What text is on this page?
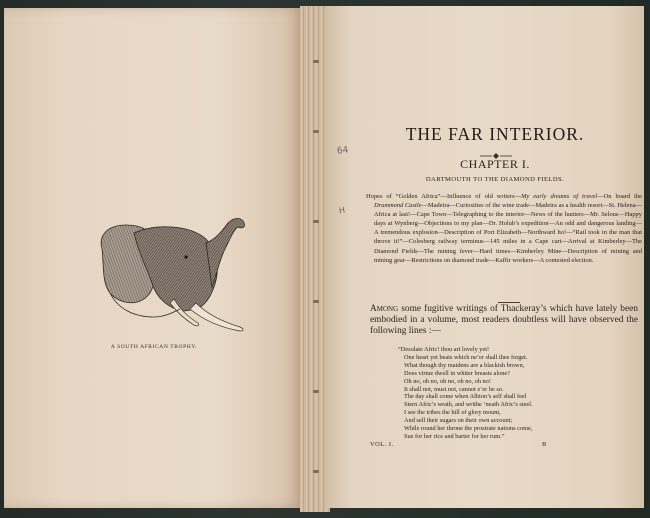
A SOUTH AFRICAN TROPHY.
THE FAR INTERIOR.
CHAPTER I.
DARTMOUTH TO THE DIAMOND FIELDS.
Hopes of “Golden Africa”—Influence of old writers—My early dreams of travel—On board the Drummond Castle—Madeira—Curiosities of the wine trade—Madeira as a health resort—St. Helena—Africa at last!—Cape Town—Telegraphing to the interior—News of the hunters—Mr. Selous—Happy days at Wynberg—Objections to my plan—Dr. Holub’s expedition—An odd and dangerous landing—A tremendous explosion—Description of Port Elizabeth—Northward ho!—“Rail took in the man that throve it!”—Colesberg railway terminus—145 miles in a Cape cart—Arrival at Kimberley—The Diamond Fields—The mining fever—Hard times—Kimberley Mine—Description of mining and mining gear—Restrictions on diamond trade—Kaffir workers—A contested election.
Among some fugitive writings of Thackeray’s which have lately been embodied in a volume, most readers doubtless will have observed the following lines :—
“Desolate Afric! thou art lovely yet!
One heart yet beats which ne’er shall thee forget.
What though thy maidens are a blackish brown,
Does virtue dwell in whiter breasts alone?
Oh no, oh no, oh no, oh no, oh no!
It shall not, must not, cannot e’er be so.
The day shall come when Albion’s self shall feel
Stern Afric’s wrath, and writhe ’neath Afric’s steel.
I see the tribes the hill of glory mount,
And sell their sugars on their own account;
While round her throne the prostrate nations come,
Sue for her rice and barter for her rum.”
VOL. I.	B
64
H
